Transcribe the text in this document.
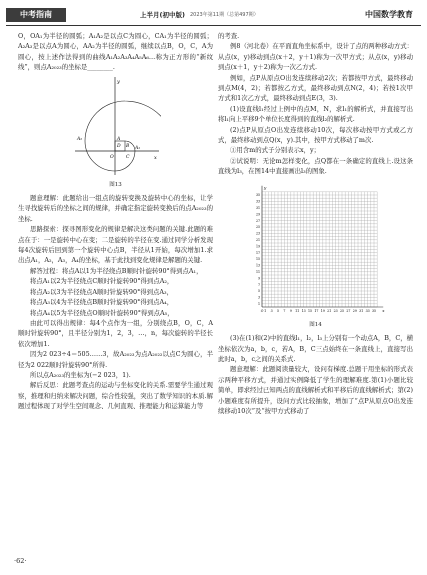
中考指南	上半月(初中版) 2023年第11期（总第497期）	中国数学教育

O，OA₁为半径的圆弧；A₁A₂是以点C为圆心，CA₁为半径的圆弧；A₂A₃是以点A为圆心，AA₂为半径的圆弧，继续以点B，O，C，A为圆心，按上述作法得到的曲线A₁A₂A₃A₄A₅A₆…称为正方形的“新纹线”，则点A₂₀₂₃的坐标是________.

x
y
O	C
B
A
D	A₁
A₂
图13

题意理解：此题给出一组点的旋转变换及旋转中心的坐标，让学生寻找旋转后的坐标之间的规律，并确定指定旋转变换后的点A₂₀₂₃的坐标.

思路探索：探寻图形变化的规律是解决这类问题的关键.此题的难点在于：一是旋转中心在变；二是旋转的半径在变.通过同学分析发现每4次旋转后回到第一个旋转中心点B，半径从1开始，每次增加1.求出点A₁，A₂，A₃，A₄的坐标，基于此找到变化规律是解题的关键.

解答过程：将点A以1为半径绕点B顺时针旋转90°得到点A₁，

将点A₁以2为半径绕点C顺时针旋转90°得到点A₂，

将点A₂以3为半径绕点A顺时针旋转90°得到点A₃，

将点A₃以4为半径绕点B顺时针旋转90°得到点A₄，

将点A₄以5为半径绕点O顺时针旋转90°得到点A₅，

由此可以得出规律：每4个点作为一组，分别绕点B，O，C，A顺时针旋转90°，且半径分别为1，2，3，…，n，每次旋转的半径长依次增加1.

因为2 023÷4＝505……3，故A₂₀₂₃为点A₂₀₂₂以点C为圆心，半径为2 022顺时针旋转90°所得.

所以点A₂₀₂₃的坐标为(−2 023，1).

解后反思：此题考查点的运动与坐标变化的关系.需要学生通过观察，推理和归纳来解决问题，综合性较强，突出了数学知识的本质.解题过程体现了对学生空间观念、几何直观、推理能力和运算能力等

的考查.

例8（河北卷）在平面直角坐标系中，设计了点的两种移动方式：从点(x，y)移动到点(x＋2，y＋1)称为一次甲方式；从点(x，y)移动到点(x＋1，y＋2)称为一次乙方式.

例如，点P从原点O出发连续移动2次；若都按甲方式，最终移动到点M(4，2)；若都按乙方式，最终移动到点N(2，4)；若按1次甲方式和1次乙方式，最终移动到点E(3，3).

(1)设直线l₁经过上例中的点M，N，求l₁的解析式，并直接写出将l₁向上平移9个单位长度得到的直线l₂的解析式.

(2)点P从原点O出发连续移动10次，每次移动按甲方式或乙方式，最终移动到点Q(x，y).其中，按甲方式移动了m次.

①用含m的式子分别表示x，y；

②试说明：无论m怎样变化，点Q都在一条确定的直线上.设这条直线为l₃，在图14中直接画出l₃的图象.

35
33
31
29
27
25
23
21
19
17
15
13
11
9
7
5
3
1
O 1 3 5 7 9 11 13 15 17 19 21 23 25 27 29 31 33 35 x
y
图14

(3)在(1)和(2)中的直线l₁，l₂，l₃上分别有一个动点A，B，C，横坐标依次为a，b，c，若A，B，C三点始终在一条直线上，直接写出此时a，b，c之间的关系式.

题意理解：此题阅读量较大，设问有梯度.总题干用坐标的形式表示两种平移方式，并通过实例降低了学生的理解难度.第(1)小题比较简单，即求经过已知两点的直线解析式和平移后的直线解析式；第(2)小题难度有所提升，设问方式比较抽象，增加了“点P从原点O出发连续移动10次”及“按甲方式移动了

·62·
